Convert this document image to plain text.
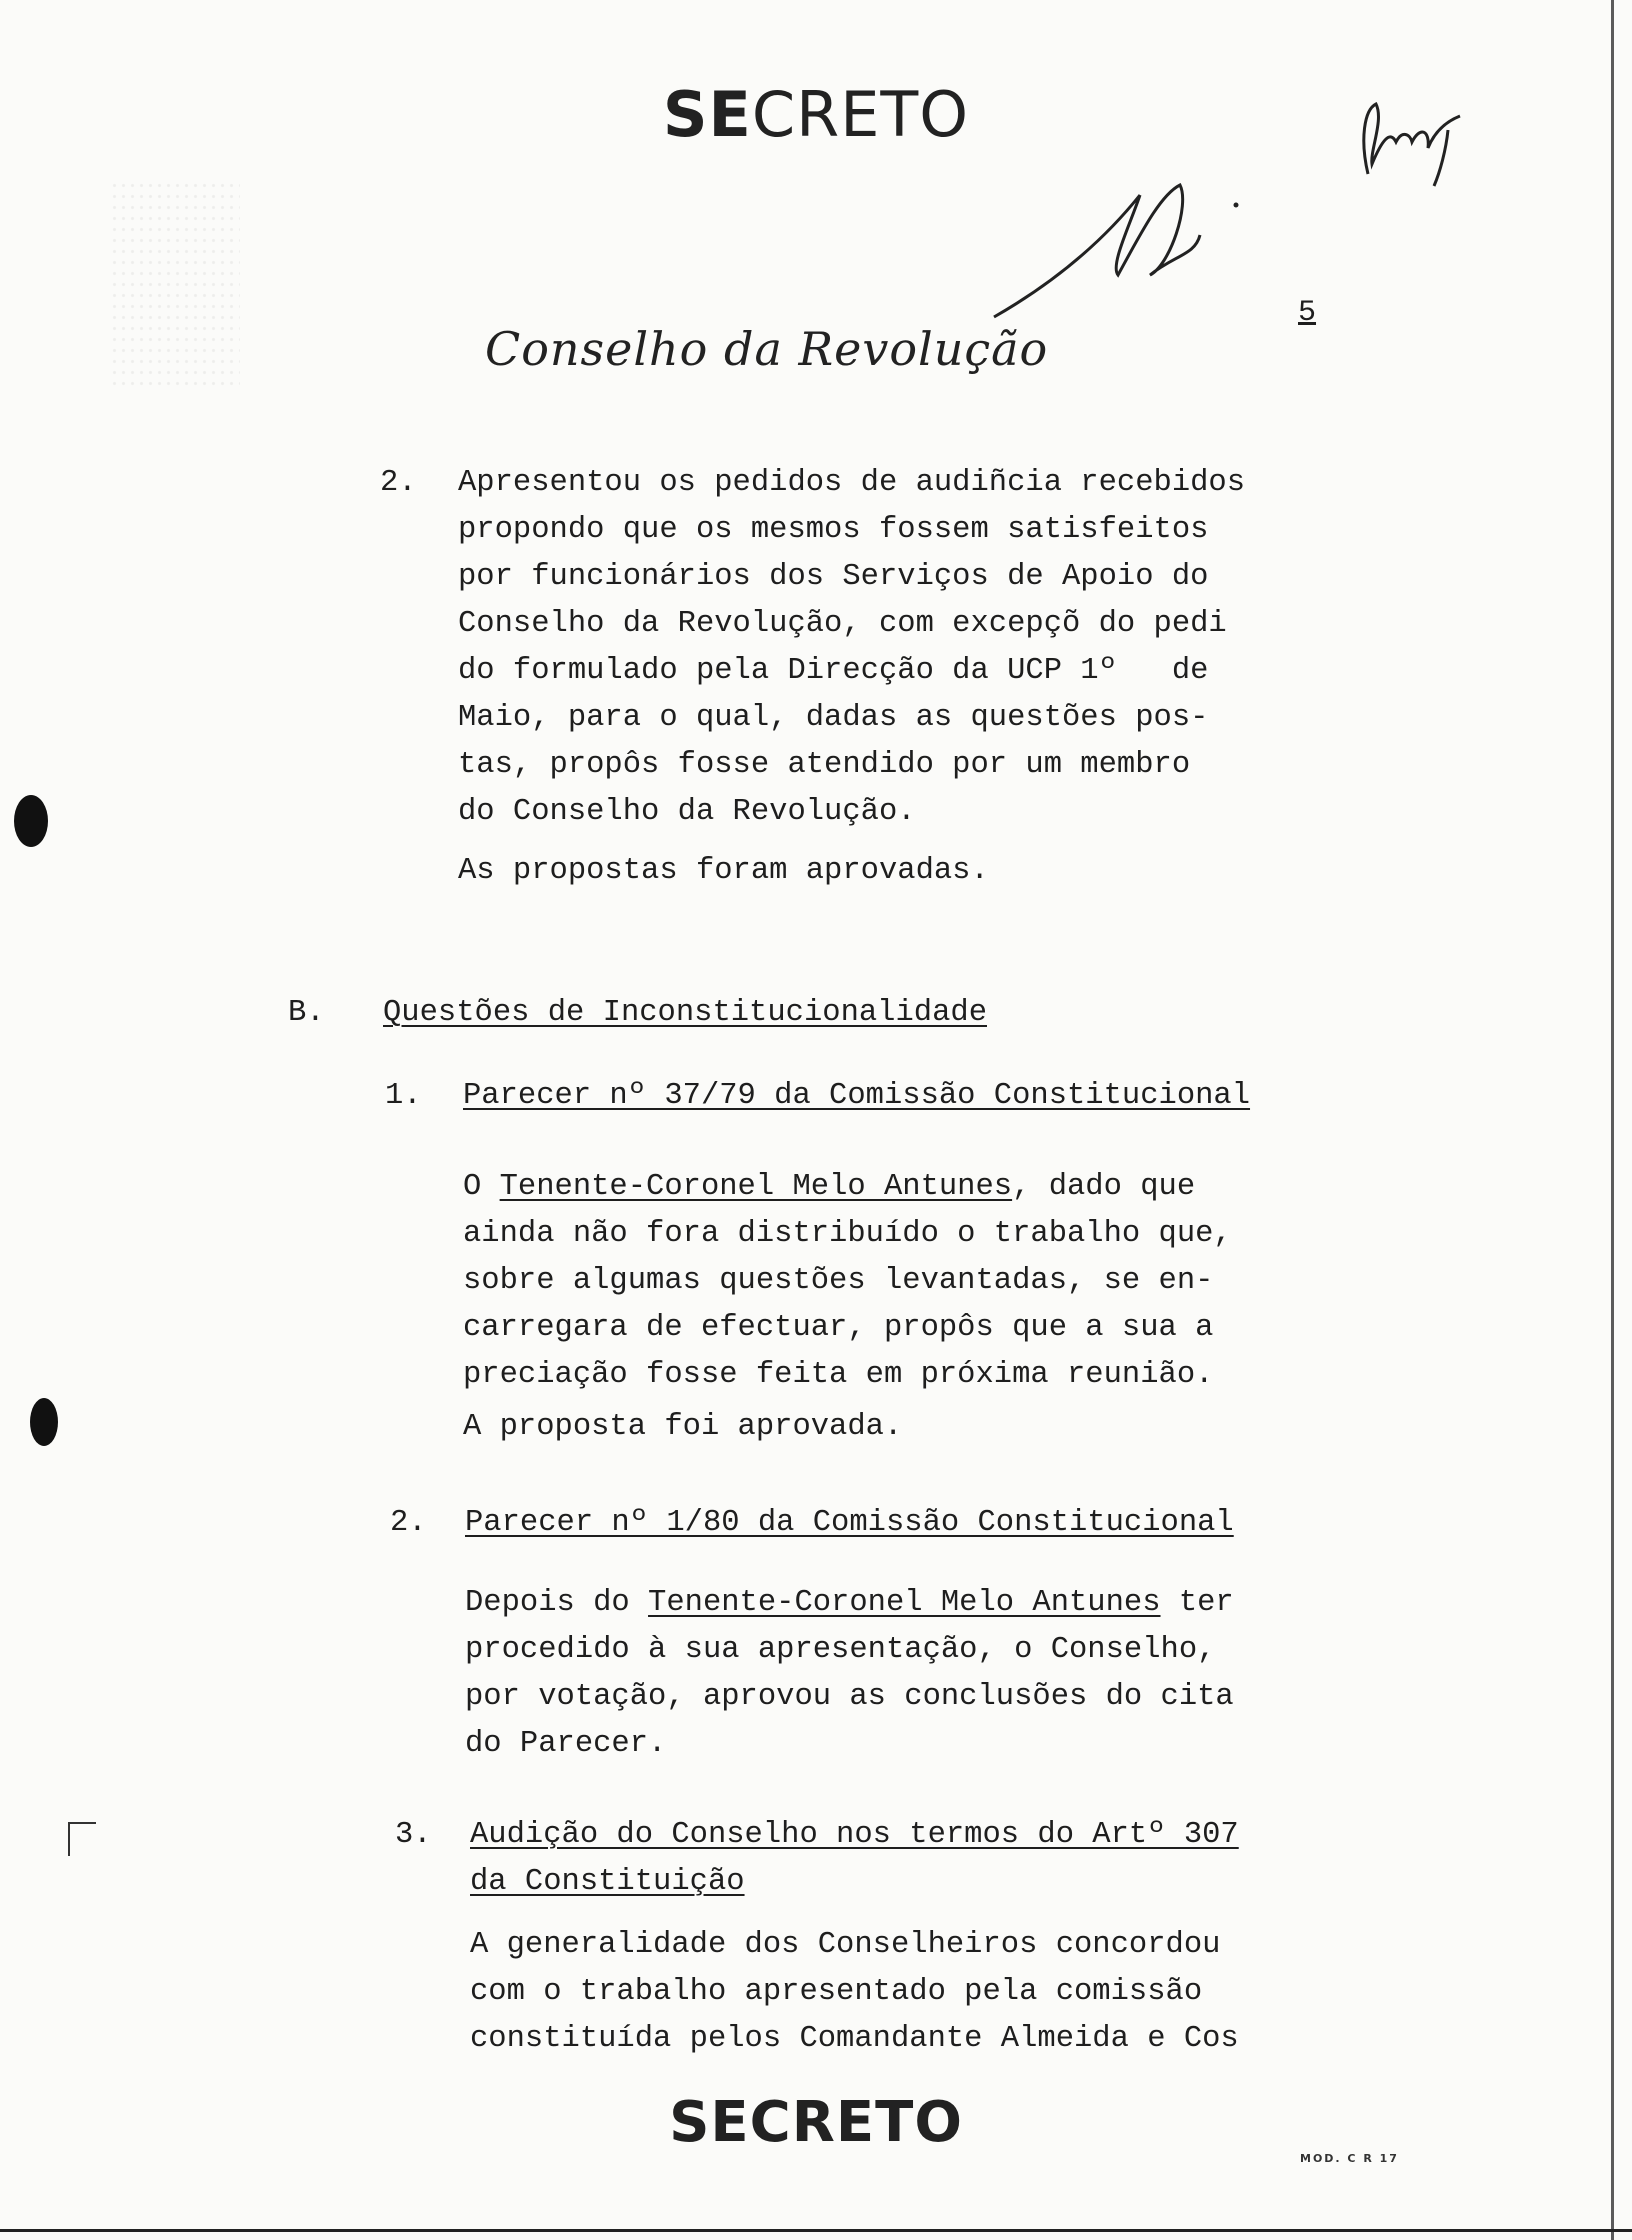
SECRETO
5
Conselho da Revolução
2. Apresentou os pedidos de audiñcia recebidos

propondo que os mesmos fossem satisfeitos

por funcionários dos Serviços de Apoio do

Conselho da Revolução, com excepçõ do pedi

do formulado pela Direcção da UCP 1º   de

Maio, para o qual, dadas as questões pos-

tas, propôs fosse atendido por um membro

do Conselho da Revolução.

As propostas foram aprovadas.

B. Questões de Inconstitucionalidade
1. Parecer nº 37/79 da Comissão Constitucional

O Tenente-Coronel Melo Antunes, dado que

ainda não fora distribuído o trabalho que,

sobre algumas questões levantadas, se en-

carregara de efectuar, propôs que a sua a

preciação fosse feita em próxima reunião.

A proposta foi aprovada.

2. Parecer nº 1/80 da Comissão Constitucional

Depois do Tenente-Coronel Melo Antunes ter

procedido à sua apresentação, o Conselho,

por votação, aprovou as conclusões do cita

do Parecer.

3. Audição do Conselho nos termos do Artº 307

da Constituição

A generalidade dos Conselheiros concordou

com o trabalho apresentado pela comissão

constituída pelos Comandante Almeida e Cos

SECRETO
MOD. C R 17
